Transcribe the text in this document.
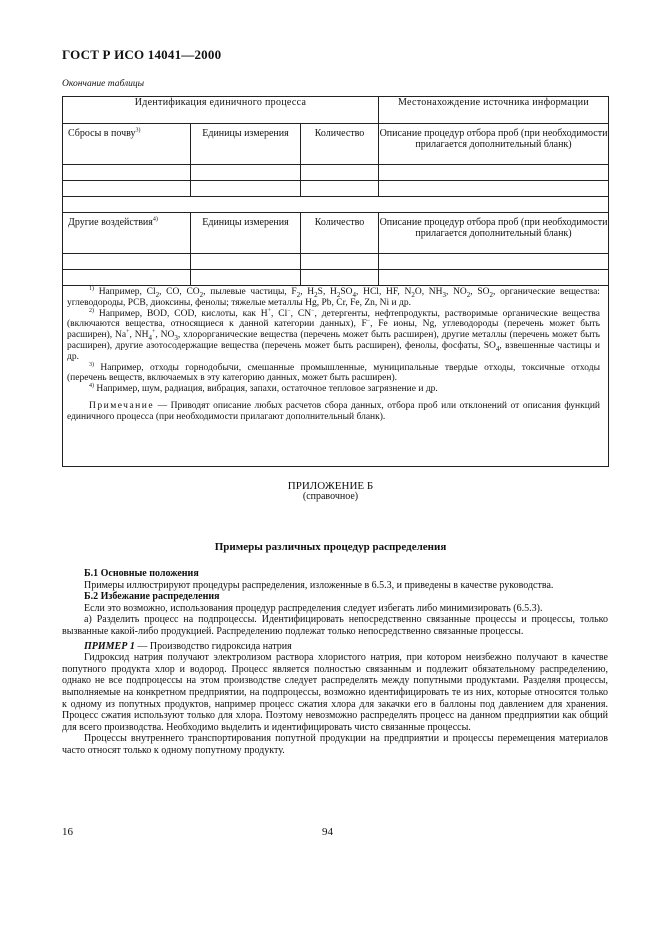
ГОСТ Р ИСО 14041—2000
Окончание таблицы
Идентификация единичного процесса			Местонахождение источника информации
Сбросы в почву$^{3)}$	Единицы измерения	Количество	Описание процедур отбора проб (при необходимости прилагается дополнительный бланк)

Другие воздействия$^{4)}$	Единицы измерения	Количество	Описание процедур отбора проб (при необходимости прилагается дополнительный бланк)

$^{1)}$ Например, $Cl_2$, CO, $CO_2$, пылевые частицы, $F_2$, $H_2S$, $H_2SO_4$, HCl, HF, $N_2O$, $NH_3$, $NO_2$, $SO_2$, органические вещества: углеводороды, PCB, диоксины, фенолы; тяжелые металлы Hg, Pb, Cr, Fe, Zn, Ni и др.

$^{2)}$ Например, BOD, COD, кислоты, как H+, Cl−, CN−, детергенты, нефтепродукты, растворимые органические вещества (включаются вещества, относящиеся к данной категории данных), F−, Fe ионы, Ng, углеводороды (перечень может быть расширен), Na+, $NH_4^+$, $NO_3$, хлорорганические вещества (перечень может быть расширен), другие металлы (перечень может быть расширен), другие азотосодержащие вещества (перечень может быть расширен), фенолы, фосфаты, $SO_4$, взвешенные частицы и др.

$^{3)}$ Например, отходы горнодобычи, смешанные промышленные, муниципальные твердые отходы, токсичные отходы (перечень веществ, включаемых в эту категорию данных, может быть расширен).

$^{4)}$ Например, шум, радиация, вибрация, запахи, остаточное тепловое загрязнение и др.

Примечание — Приводят описание любых расчетов сбора данных, отбора проб или отклонений от описания функций единичного процесса (при необходимости прилагают дополнительный бланк).

ПРИЛОЖЕНИЕ Б
(справочное)
Примеры различных процедур распределения

Б.1 Основные положения

Примеры иллюстрируют процедуры распределения, изложенные в 6.5.3, и приведены в качестве руководства.

Б.2 Избежание распределения

Если это возможно, использования процедур распределения следует избегать либо минимизировать (6.5.3).

а) Разделить процесс на подпроцессы. Идентифицировать непосредственно связанные процессы и процессы, только вызванные какой-либо продукцией. Распределению подлежат только непосредственно связанные процессы.

ПРИМЕР 1 — Производство гидроксида натрия

Гидроксид натрия получают электролизом раствора хлористого натрия, при котором неизбежно получают в качестве попутного продукта хлор и водород. Процесс является полностью связанным и подлежит обязательному распределению, однако не все подпроцессы на этом производстве следует распределять между попутными продуктами. Разделяя процессы, выполняемые на конкретном предприятии, на подпроцессы, возможно идентифицировать те из них, которые относятся только к одному из попутных продуктов, например процесс сжатия хлора для закачки его в баллоны под давлением для хранения. Процесс сжатия используют только для хлора. Поэтому невозможно распределять процесс на данном предприятии как общий для всего производства. Необходимо выделить и идентифицировать чисто связанные процессы.

Процессы внутреннего транспортирования попутной продукции на предприятии и процессы перемещения материалов часто относят только к одному попутному продукту.

16	94
